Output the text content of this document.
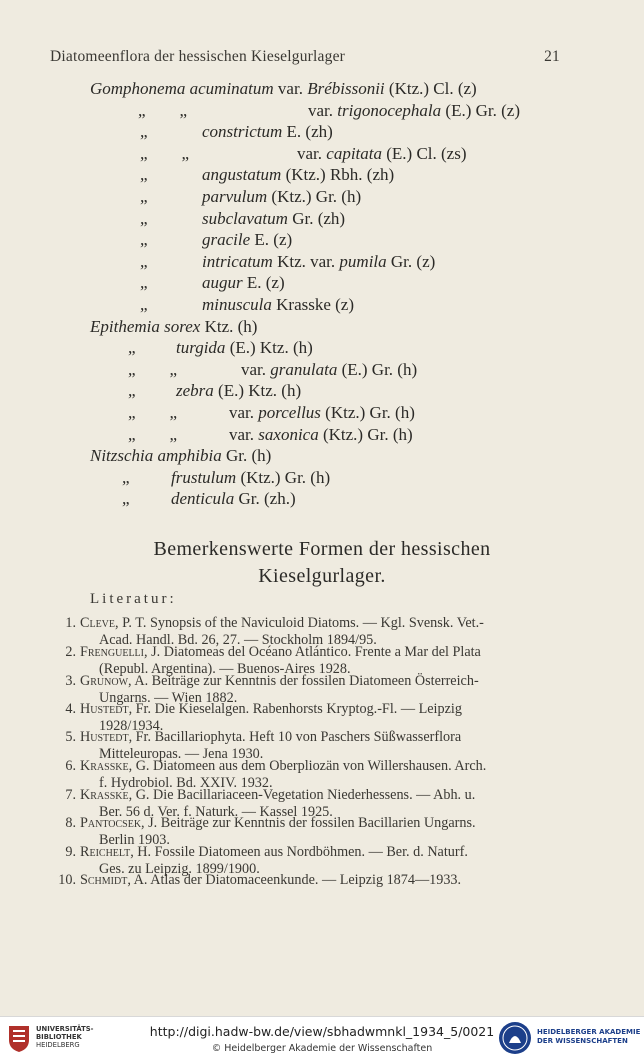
Diatomeenflora der hessischen Kieselgurlager	21
Gomphonema acuminatum var. Brébissonii (Ktz.) Cl. (z)
„        „	var. trigonocephala (E.) Gr. (z)
„	constrictum E. (zh)
„        „	var. capitata (E.) Cl. (zs)
„	angustatum (Ktz.) Rbh. (zh)
„	parvulum (Ktz.) Gr. (h)
„	subclavatum Gr. (zh)
„	gracile E. (z)
„	intricatum Ktz. var. pumila Gr. (z)
„	augur E. (z)
„	minuscula Krasske (z)
Epithemia sorex Ktz. (h)
„ turgida (E.) Ktz. (h)
„        „	var. granulata (E.) Gr. (h)
„ zebra (E.) Ktz. (h)
„        „	var. porcellus (Ktz.) Gr. (h)
„        „	var. saxonica (Ktz.) Gr. (h)
Nitzschia amphibia Gr. (h)
„ frustulum (Ktz.) Gr. (h)
„ denticula Gr. (zh.)
Bemerkenswerte Formen der hessischen
Kieselgurlager.
Literatur:
1. Cleve, P. T. Synopsis of the Naviculoid Diatoms. — Kgl. Svensk. Vet.-
Acad. Handl. Bd. 26, 27. — Stockholm 1894/95.
2. Frenguelli, J. Diatomeas del Océano Atlántico. Frente a Mar del Plata
(Republ. Argentina). — Buenos-Aires 1928.
3. Grunow, A. Beiträge zur Kenntnis der fossilen Diatomeen Österreich-
Ungarns. — Wien 1882.
4. Hustedt, Fr. Die Kieselalgen. Rabenhorsts Kryptog.-Fl. — Leipzig
1928/1934.
5. Hustedt, Fr. Bacillariophyta. Heft 10 von Paschers Süßwasserflora
Mitteleuropas. — Jena 1930.
6. Krasske, G. Diatomeen aus dem Oberpliozän von Willershausen. Arch.
f. Hydrobiol. Bd. XXIV. 1932.
7. Krasske, G. Die Bacillariaceen-Vegetation Niederhessens. — Abh. u.
Ber. 56 d. Ver. f. Naturk. — Kassel 1925.
8. Pantocsek, J. Beiträge zur Kenntnis der fossilen Bacillarien Ungarns.
Berlin 1903.
9. Reichelt, H. Fossile Diatomeen aus Nordböhmen. — Ber. d. Naturf.
Ges. zu Leipzig. 1899/1900.
10. Schmidt, A. Atlas der Diatomaceenkunde. — Leipzig 1874—1933.
UNIVERSITÄTS-
BIBLIOTHEK
HEIDELBERG
http://digi.hadw-bw.de/view/sbhadwmnkl_1934_5/0021
© Heidelberger Akademie der Wissenschaften
HEIDELBERGER AKADEMIE
DER WISSENSCHAFTEN
